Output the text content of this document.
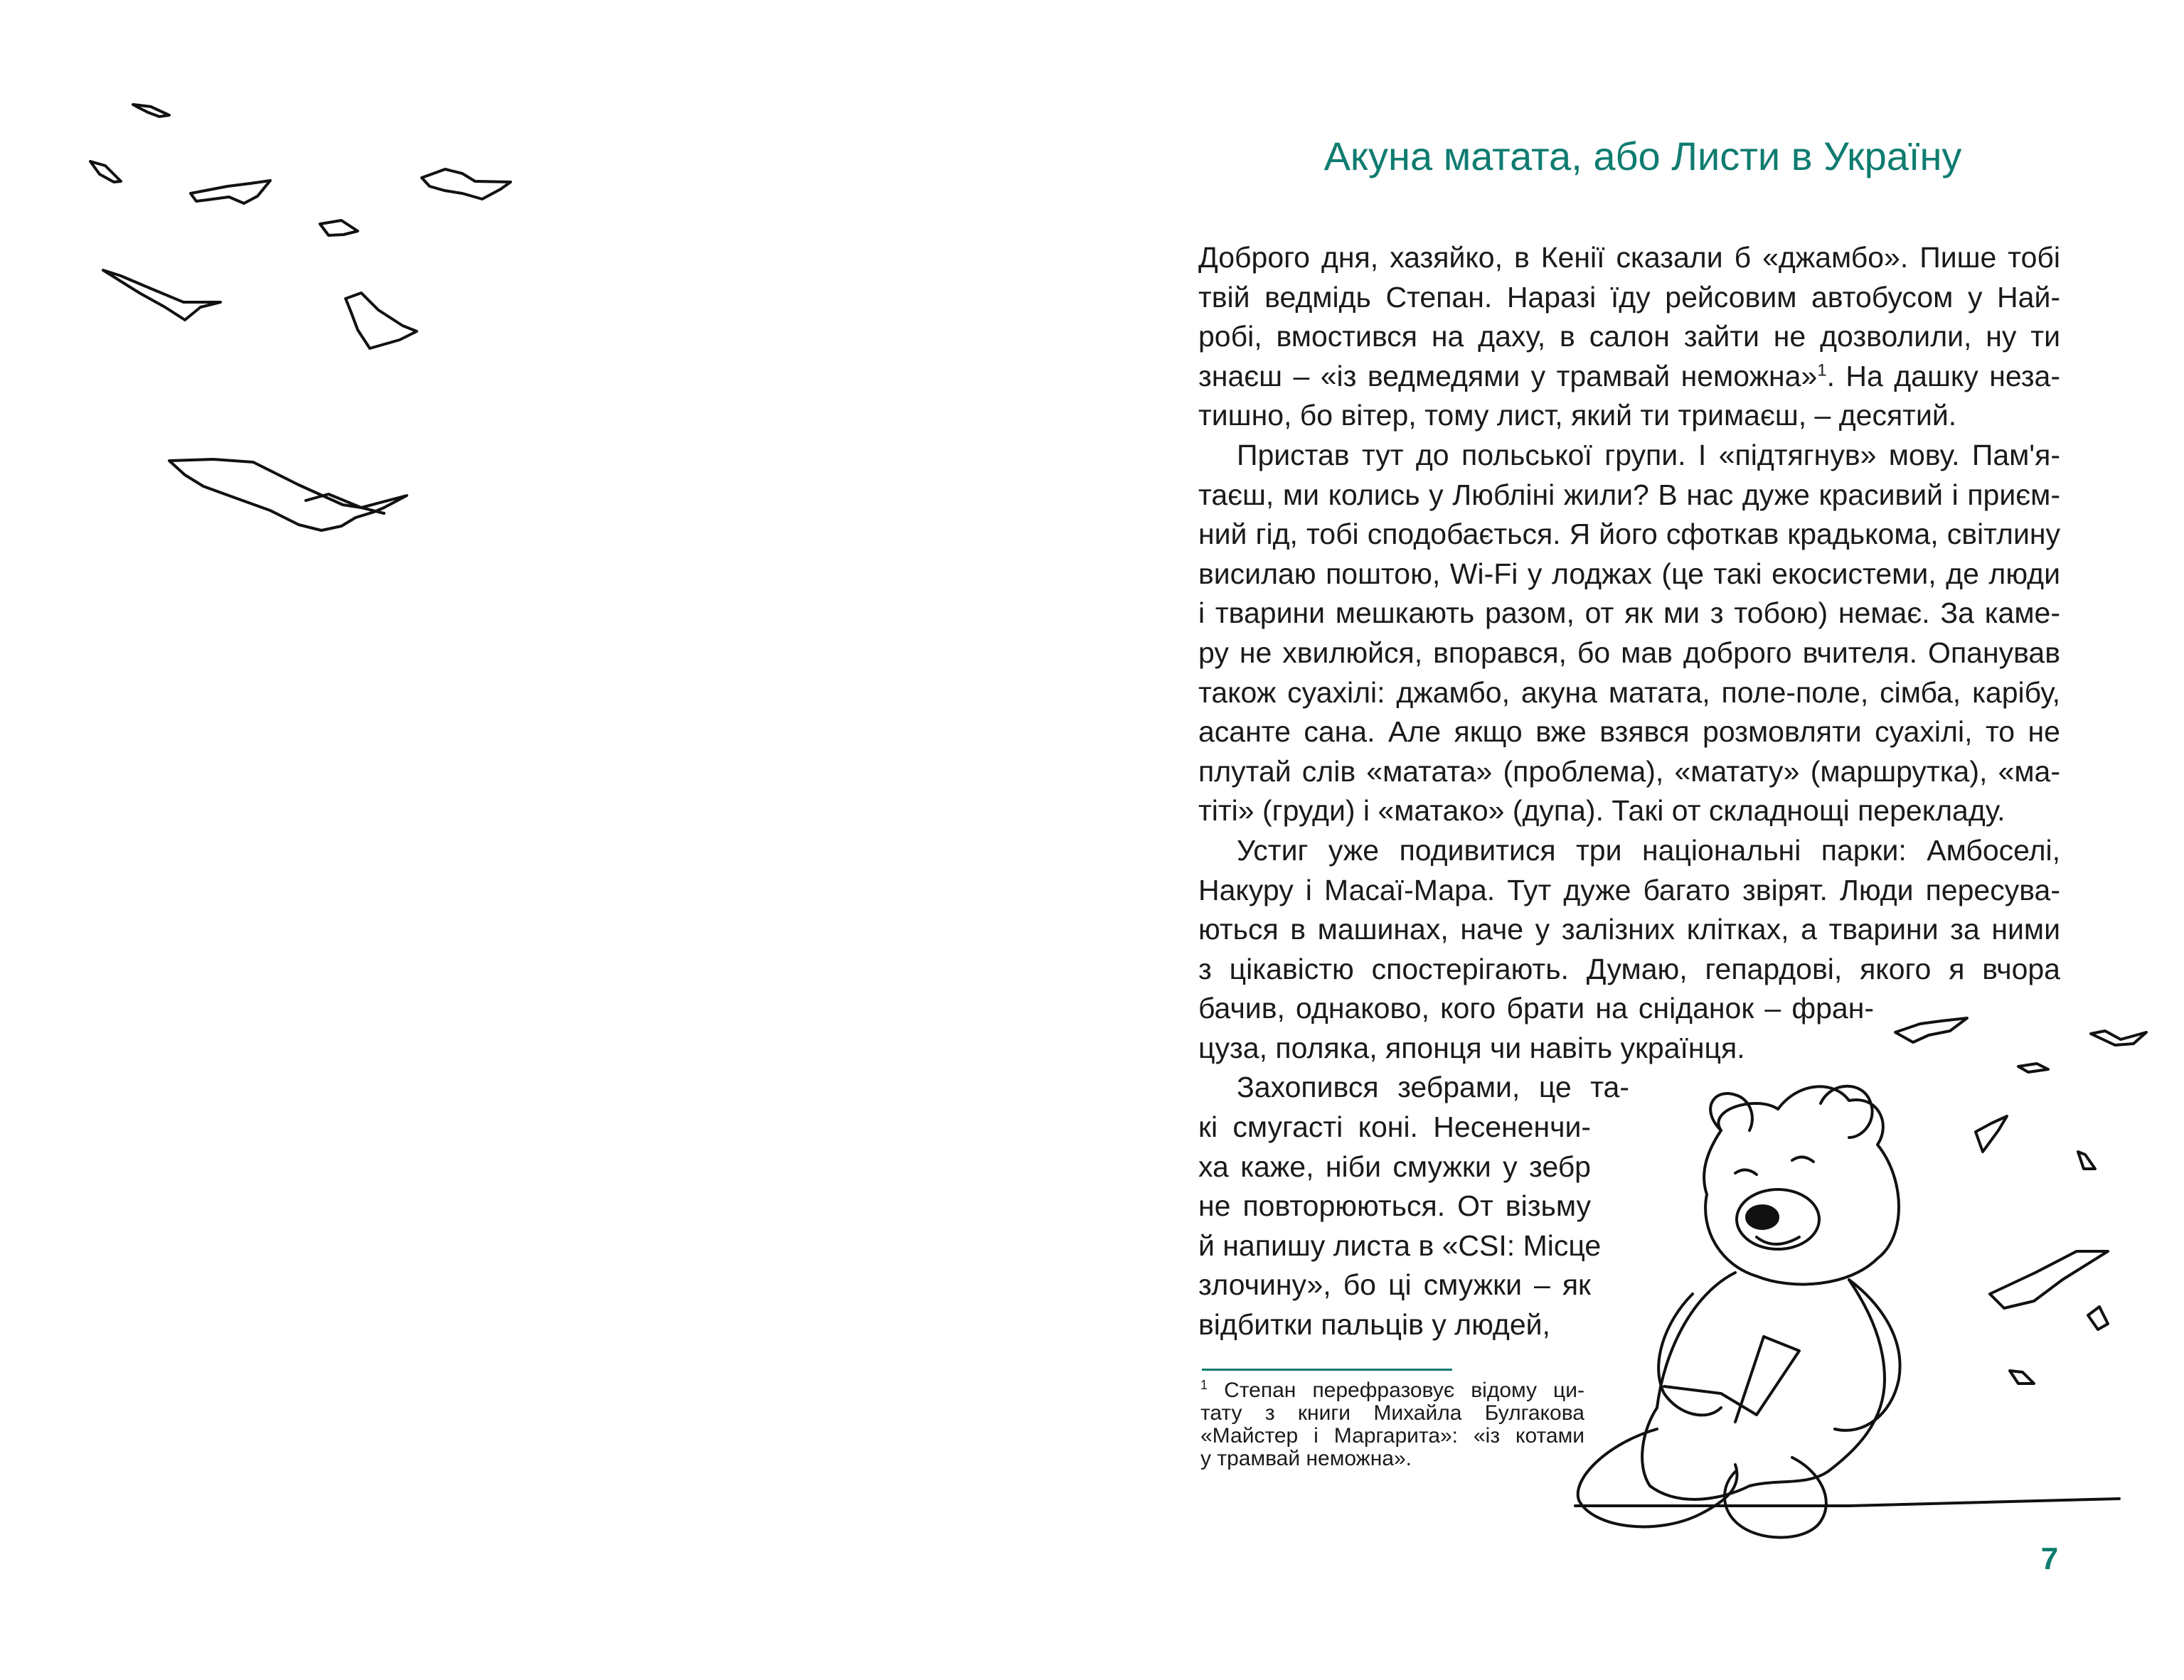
Акуна матата, або Листи в Україну
Доброго дня, хазяйко, в Кенії сказали б «джамбо». Пише тобі
твій ведмідь Степан. Наразі їду рейсовим автобусом у Най-
робі, вмостився на даху, в салон зайти не дозволили, ну ти
знаєш – «із ведмедями у трамвай неможна»$^1$. На дашку неза-
тишно, бо вітер, тому лист, який ти тримаєш, – десятий.
Пристав тут до польської групи. І «підтягнув» мову. Пам'я-
таєш, ми колись у Любліні жили? В нас дуже красивий і приєм-
ний гід, тобі сподобається. Я його сфоткав крадькома, світлину
висилаю поштою, Wi-Fi у лоджах (це такі екосистеми, де люди
і тварини мешкають разом, от як ми з тобою) немає. За каме-
ру не хвилюйся, впорався, бо мав доброго вчителя. Опанував
також суахілі: джамбо, акуна матата, поле-поле, сімба, карібу,
асанте сана. Але якщо вже взявся розмовляти суахілі, то не
плутай слів «матата» (проблема), «матату» (маршрутка), «ма-
тіті» (груди) і «матако» (дупа). Такі от складнощі перекладу.
Устиг уже подивитися три національні парки: Амбоселі,
Накуру і Масаї-Мара. Тут дуже багато звірят. Люди пересува-
ються в машинах, наче у залізних клітках, а тварини за ними
з цікавістю спостерігають. Думаю, гепардові, якого я вчора
бачив, однаково, кого брати на сніданок – фран-
цуза, поляка, японця чи навіть українця.
Захопився зебрами, це та-
кі смугасті коні. Несененчи-
ха каже, ніби смужки у зебр
не повторюються. От візьму
й напишу листа в «CSI: Місце
злочину», бо ці смужки – як
відбитки пальців у людей,
$^1$ Степан перефразовує відому ци-
тату з книги Михайла Булгакова
«Майстер і Маргарита»: «із котами
у трамвай неможна».
7
